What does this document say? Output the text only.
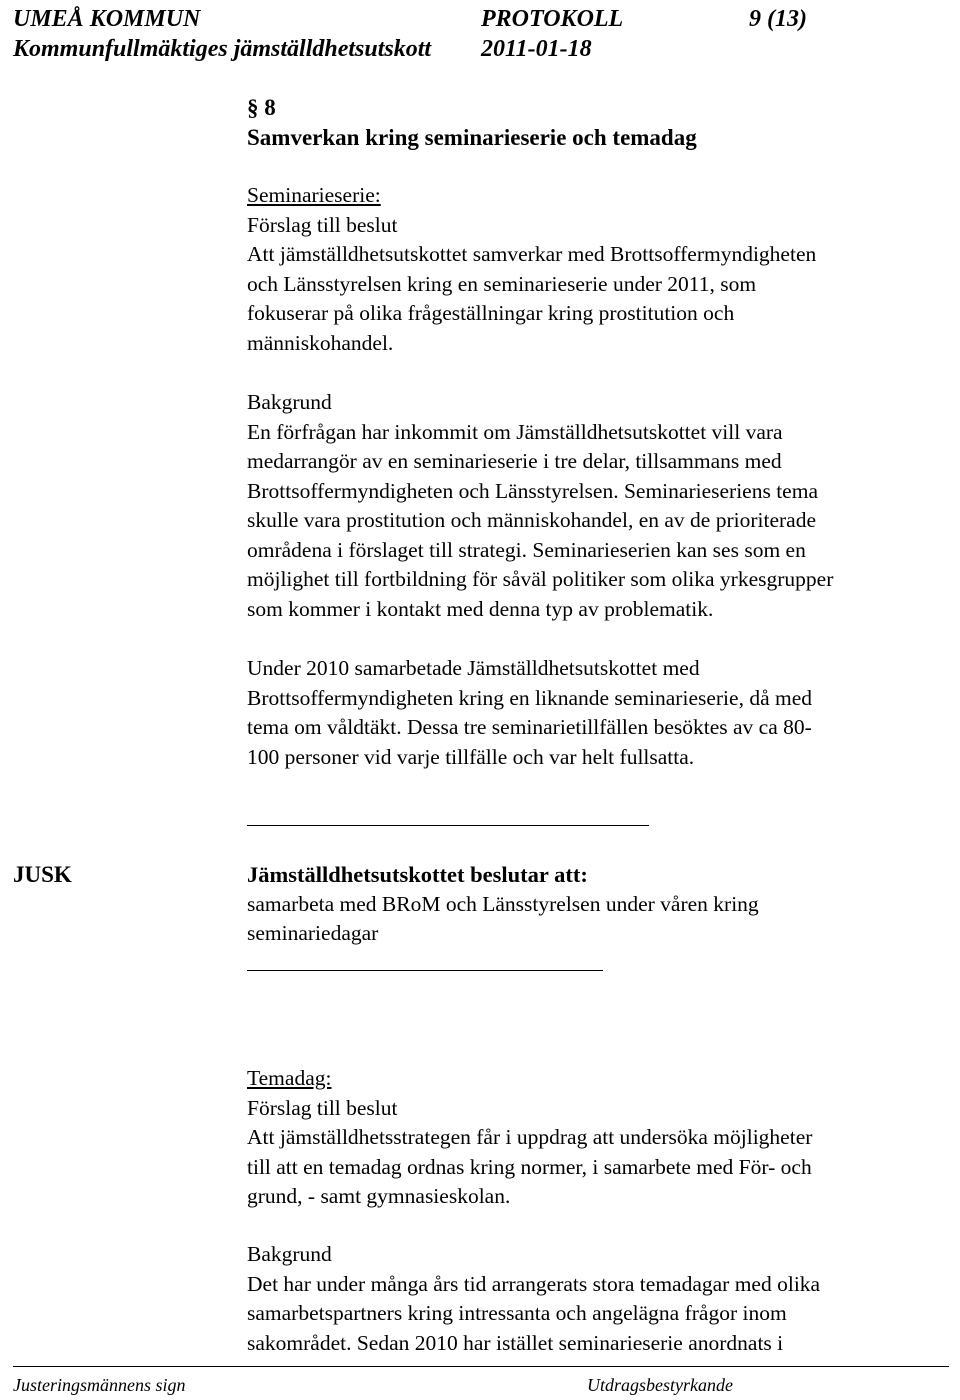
UMEÅ KOMMUN	PROTOKOLL	9 (13)
Kommunfullmäktiges jämställdhetsutskott 2011-01-18

§ 8

Samverkan kring seminarieserie och temadag

Seminarieserie:

Förslag till beslut

Att jämställdhetsutskottet samverkar med Brottsoffermyndigheten

och Länsstyrelsen kring en seminarieserie under 2011, som

fokuserar på olika frågeställningar kring prostitution och

människohandel.

Bakgrund

En förfrågan har inkommit om Jämställdhetsutskottet vill vara

medarrangör av en seminarieserie i tre delar, tillsammans med

Brottsoffermyndigheten och Länsstyrelsen. Seminarieseriens tema

skulle vara prostitution och människohandel, en av de prioriterade

områdena i förslaget till strategi. Seminarieserien kan ses som en

möjlighet till fortbildning för såväl politiker som olika yrkesgrupper

som kommer i kontakt med denna typ av problematik.

Under 2010 samarbetade Jämställdhetsutskottet med

Brottsoffermyndigheten kring en liknande seminarieserie, då med

tema om våldtäkt. Dessa tre seminarietillfällen besöktes av ca 80-

100 personer vid varje tillfälle och var helt fullsatta.

JUSK	Jämställdhetsutskottet beslutar att:

samarbeta med BRoM och Länsstyrelsen under våren kring

seminariedagar

Temadag:

Förslag till beslut

Att jämställdhetsstrategen får i uppdrag att undersöka möjligheter

till att en temadag ordnas kring normer, i samarbete med För- och

grund, - samt gymnasieskolan.

Bakgrund

Det har under många års tid arrangerats stora temadagar med olika

samarbetspartners kring intressanta och angelägna frågor inom

sakområdet. Sedan 2010 har istället seminarieserie anordnats i

Justeringsmännens sign	Utdragsbestyrkande
